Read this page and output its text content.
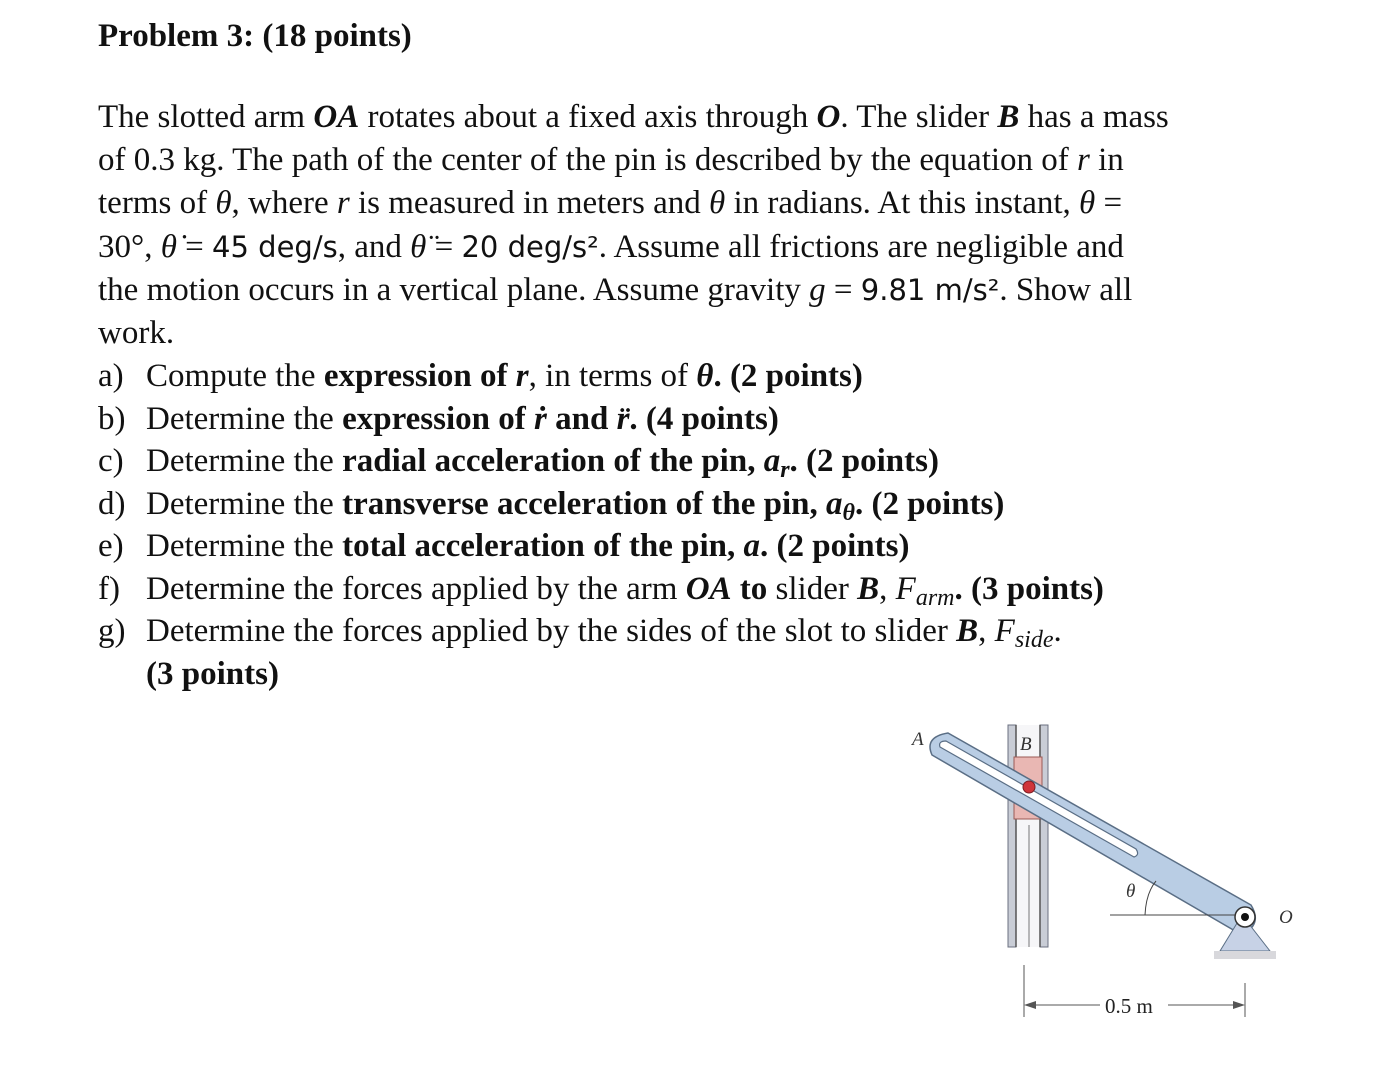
Problem 3: (18 points)
The slotted arm OA rotates about a fixed axis through O. The slider B has a mass
of 0.3 kg. The path of the center of the pin is described by the equation of r in
terms of θ, where r is measured in meters and θ in radians. At this instant, θ =
30°, θ̇ = 45 deg/s, and θ̈ = 20 deg/s². Assume all frictions are negligible and
the motion occurs in a vertical plane. Assume gravity g = 9.81 m/s². Show all
work.
a) Compute the expression of r, in terms of θ. (2 points)
b) Determine the expression of ṙ and r̈. (4 points)
c) Determine the radial acceleration of the pin, $a_r$. (2 points)
d) Determine the transverse acceleration of the pin, $a_\theta$. (2 points)
e) Determine the total acceleration of the pin, a. (2 points)
f) Determine the forces applied by the arm OA to slider B, $F_{arm}$. (3 points)
g) Determine the forces applied by the sides of the slot to slider B, $F_{side}$.
(3 points)
θ
A	B
O
0.5 m
